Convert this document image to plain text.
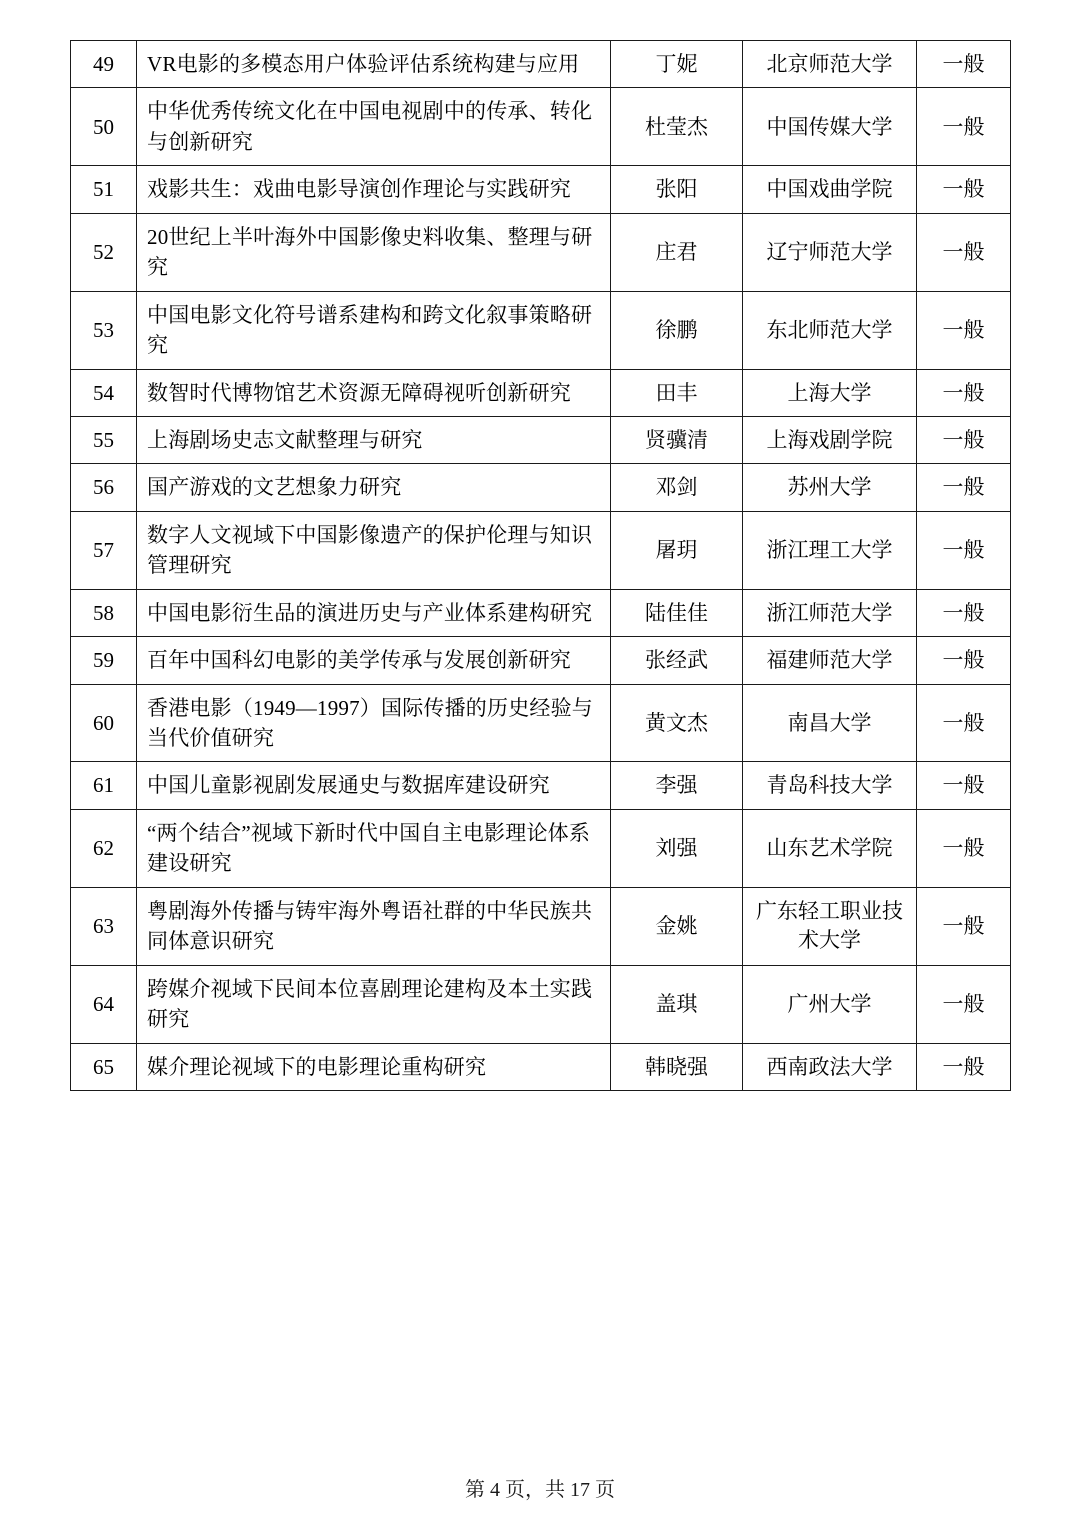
49	VR电影的多模态用户体验评估系统构建与应用	丁妮	北京师范大学	一般
50	中华优秀传统文化在中国电视剧中的传承、转化与创新研究	杜莹杰	中国传媒大学	一般
51	戏影共生：戏曲电影导演创作理论与实践研究	张阳	中国戏曲学院	一般
52	20世纪上半叶海外中国影像史料收集、整理与研究	庄君	辽宁师范大学	一般
53	中国电影文化符号谱系建构和跨文化叙事策略研究	徐鹏	东北师范大学	一般
54	数智时代博物馆艺术资源无障碍视听创新研究	田丰	上海大学	一般
55	上海剧场史志文献整理与研究	贤骥清	上海戏剧学院	一般
56	国产游戏的文艺想象力研究	邓剑	苏州大学	一般
57	数字人文视域下中国影像遗产的保护伦理与知识管理研究	屠玥	浙江理工大学	一般
58	中国电影衍生品的演进历史与产业体系建构研究	陆佳佳	浙江师范大学	一般
59	百年中国科幻电影的美学传承与发展创新研究	张经武	福建师范大学	一般
60	香港电影（1949—1997）国际传播的历史经验与当代价值研究	黄文杰	南昌大学	一般
61	中国儿童影视剧发展通史与数据库建设研究	李强	青岛科技大学	一般
62	“两个结合”视域下新时代中国自主电影理论体系建设研究	刘强	山东艺术学院	一般
63	粤剧海外传播与铸牢海外粤语社群的中华民族共同体意识研究	金姚	广东轻工职业技术大学	一般
64	跨媒介视域下民间本位喜剧理论建构及本土实践研究	盖琪	广州大学	一般
65	媒介理论视域下的电影理论重构研究	韩晓强	西南政法大学	一般
第 4 页，共 17 页
